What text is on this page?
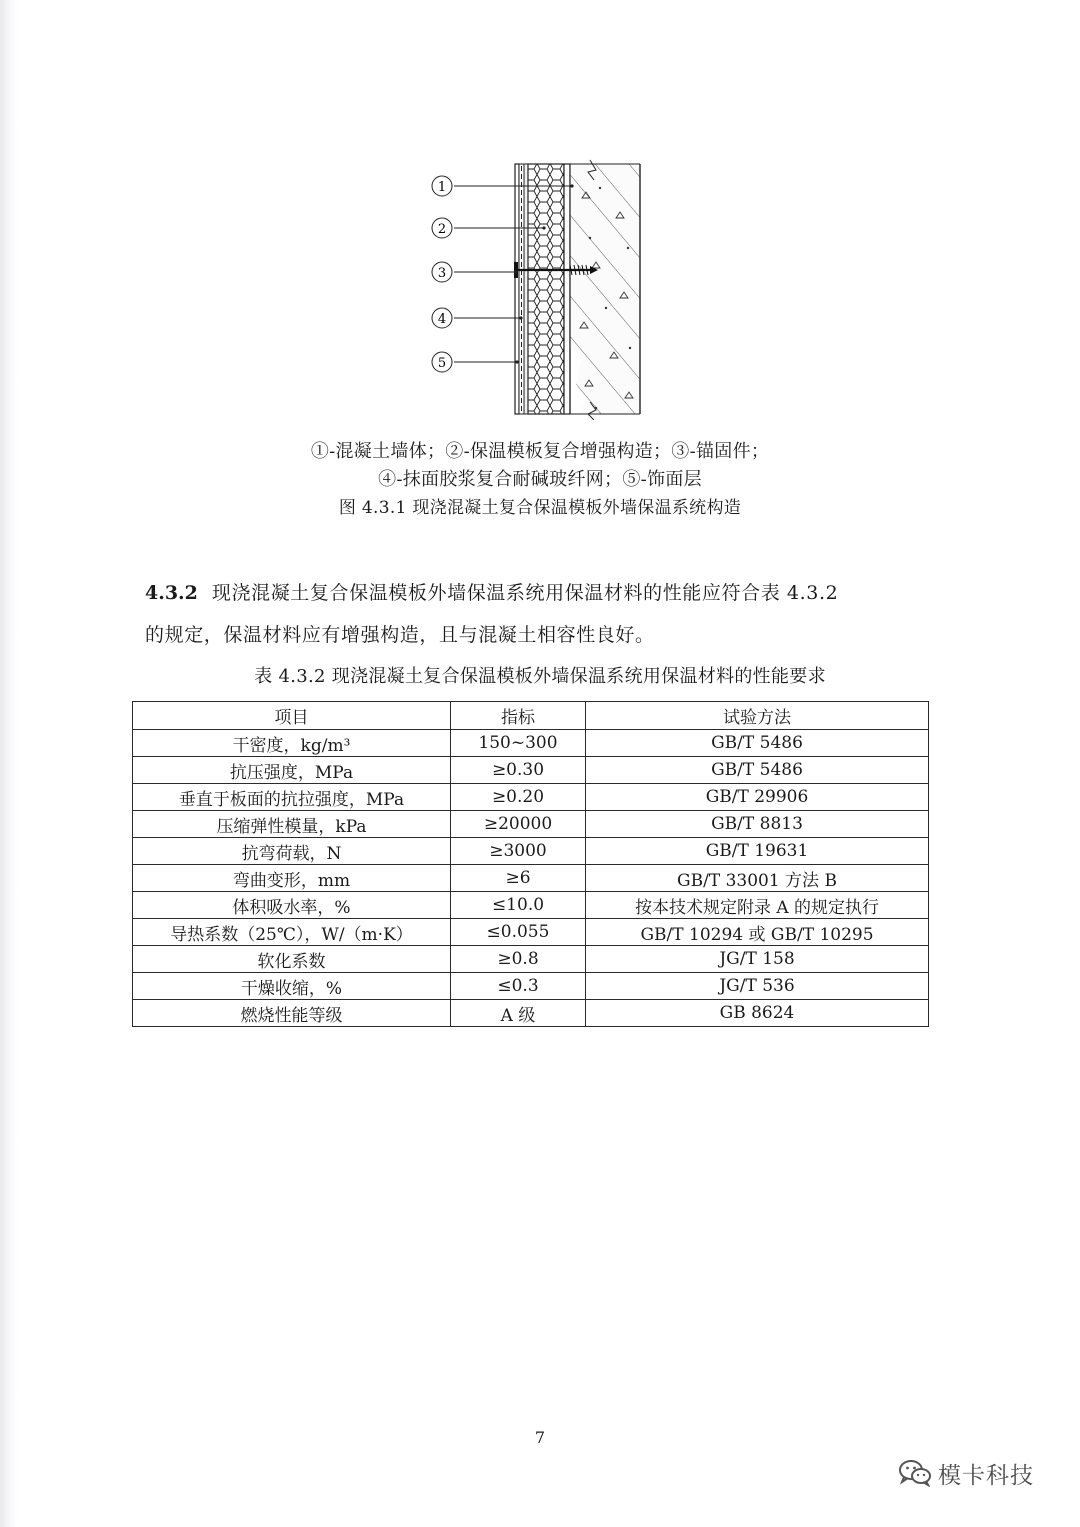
1
2
3
4
5
①-混凝土墙体；②-保温模板复合增强构造；③-锚固件；
④-抹面胶浆复合耐碱玻纤网；⑤-饰面层
图 4.3.1 现浇混凝土复合保温模板外墙保温系统构造
4.3.2 现浇混凝土复合保温模板外墙保温系统用保温材料的性能应符合表 4.3.2
的规定，保温材料应有增强构造，且与混凝土相容性良好。
表 4.3.2 现浇混凝土复合保温模板外墙保温系统用保温材料的性能要求
项目	指标	试验方法
干密度，kg/m³	150~300	GB/T 5486
抗压强度，MPa	≥0.30	GB/T 5486
垂直于板面的抗拉强度，MPa	≥0.20	GB/T 29906
压缩弹性模量，kPa	≥20000	GB/T 8813
抗弯荷载，N	≥3000	GB/T 19631
弯曲变形，mm	≥6	GB/T 33001 方法 B
体积吸水率，%	≤10.0	按本技术规定附录 A 的规定执行
导热系数（25℃），W/（m·K）	≤0.055	GB/T 10294 或 GB/T 10295
软化系数	≥0.8	JG/T 158
干燥收缩，%	≤0.3	JG/T 536
燃烧性能等级	A 级	GB 8624
7
模卡科技
